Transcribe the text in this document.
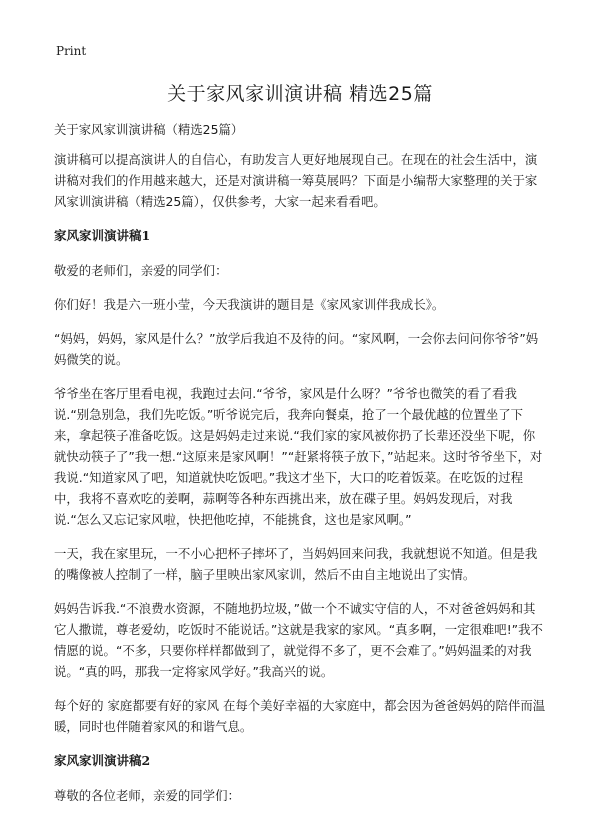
Print
关于家风家训演讲稿 精选25篇

关于家风家训演讲稿（精选25篇）

演讲稿可以提高演讲人的自信心，有助发言人更好地展现自己。在现在的社会生活中，演讲稿对我们的作用越来越大，还是对演讲稿一筹莫展吗？下面是小编帮大家整理的关于家风家训演讲稿（精选25篇），仅供参考，大家一起来看看吧。

家风家训演讲稿1

敬爱的老师们，亲爱的同学们：

你们好！我是六一班小莹，今天我演讲的题目是《家风家训伴我成长》。

“妈妈，妈妈，家风是什么？”放学后我迫不及待的问。“家风啊，一会你去问问你爷爷”妈妈微笑的说。

爷爷坐在客厅里看电视，我跑过去问.“爷爷，家风是什么呀？”爷爷也微笑的看了看我说.“别急别急，我们先吃饭。”听爷说完后，我奔向餐桌，抢了一个最优越的位置坐了下来，拿起筷子准备吃饭。这是妈妈走过来说.“我们家的家风被你扔了长辈还没坐下呢，你就快动筷子了”我一想.“这原来是家风啊！”“赶紧将筷子放下，”站起来。这时爷爷坐下，对我说.“知道家风了吧，知道就快吃饭吧。”我这才坐下，大口的吃着饭菜。在吃饭的过程中，我将不喜欢吃的姜啊，蒜啊等各种东西挑出来，放在碟子里。妈妈发现后，对我说.“怎么又忘记家风啦，快把他吃掉，不能挑食，这也是家风啊。”

一天，我在家里玩，一不小心把杯子摔坏了，当妈妈回来问我，我就想说不知道。但是我的嘴像被人控制了一样，脑子里映出家风家训，然后不由自主地说出了实情。

妈妈告诉我.“不浪费水资源，不随地扔垃圾，”做一个不诚实守信的人，不对爸爸妈妈和其它人撒谎，尊老爱幼，吃饭时不能说话。”这就是我家的家风。“真多啊，一定很难吧!”我不情愿的说。“不多，只要你样样都做到了，就觉得不多了，更不会难了。”妈妈温柔的对我说。“真的吗，那我一定将家风学好。”我高兴的说。

每个好的 家庭都要有好的家风 在每个美好幸福的大家庭中，都会因为爸爸妈妈的陪伴而温暖，同时也伴随着家风的和谐气息。

家风家训演讲稿2

尊敬的各位老师，亲爱的同学们：
